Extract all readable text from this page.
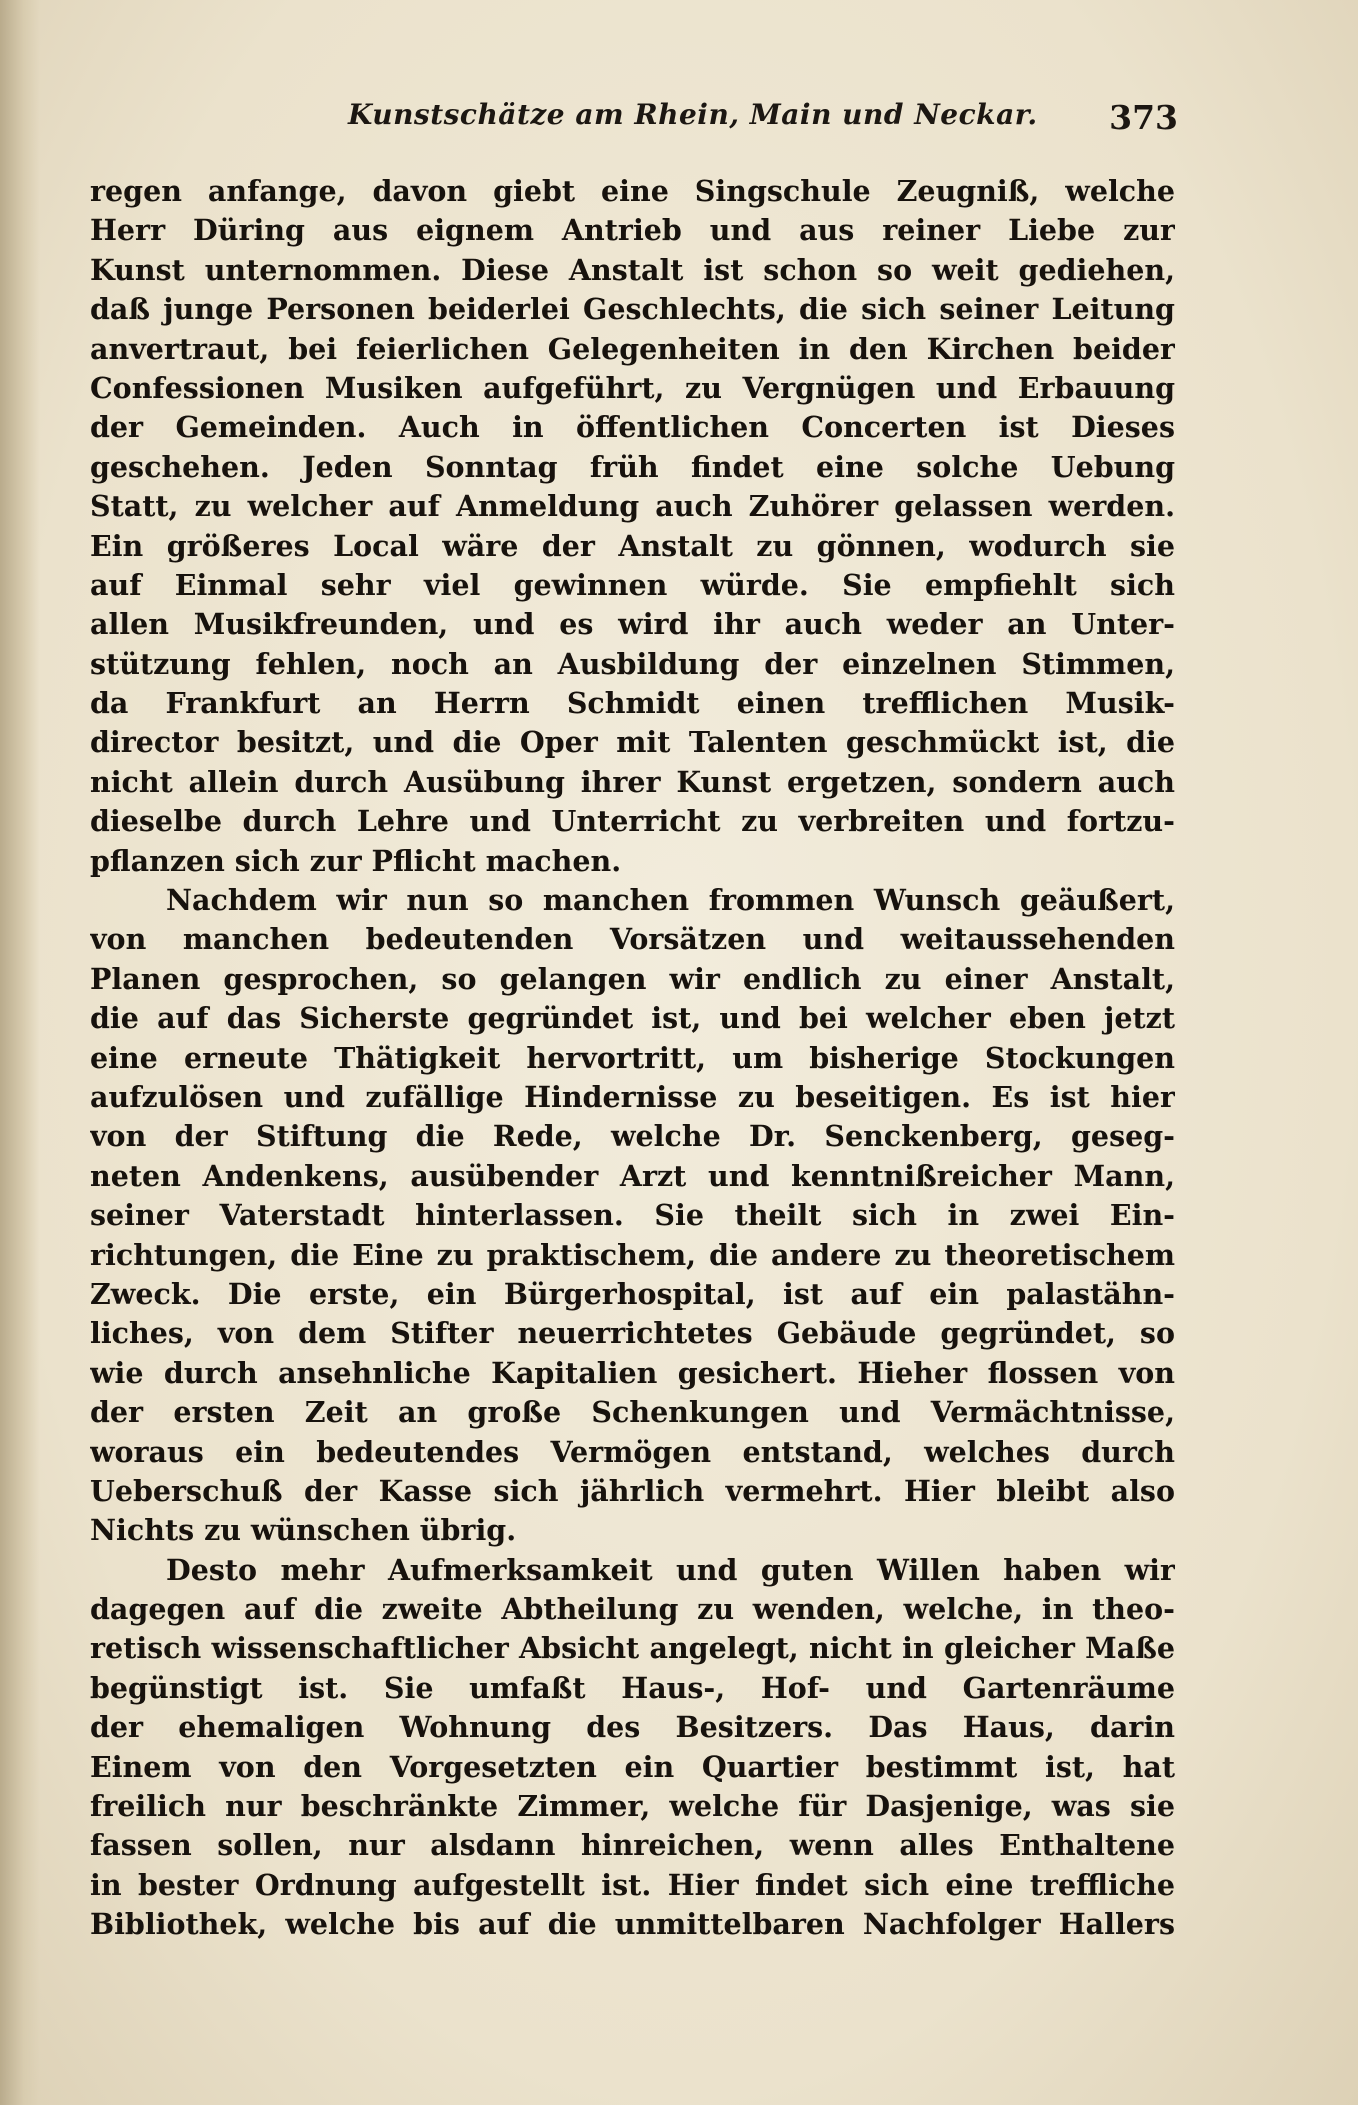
Kunstschätze am Rhein, Main und Neckar. 373
regen anfange, davon giebt eine Singschule Zeugniß, welche
Herr Düring aus eignem Antrieb und aus reiner Liebe zur
Kunst unternommen. Diese Anstalt ist schon so weit gediehen,
daß junge Personen beiderlei Geschlechts, die sich seiner Leitung
anvertraut, bei feierlichen Gelegenheiten in den Kirchen beider
Confessionen Musiken aufgeführt, zu Vergnügen und Erbauung
der Gemeinden. Auch in öffentlichen Concerten ist Dieses
geschehen. Jeden Sonntag früh findet eine solche Uebung
Statt, zu welcher auf Anmeldung auch Zuhörer gelassen werden.
Ein größeres Local wäre der Anstalt zu gönnen, wodurch sie
auf Einmal sehr viel gewinnen würde. Sie empfiehlt sich
allen Musikfreunden, und es wird ihr auch weder an Unter-
stützung fehlen, noch an Ausbildung der einzelnen Stimmen,
da Frankfurt an Herrn Schmidt einen trefflichen Musik-
director besitzt, und die Oper mit Talenten geschmückt ist, die
nicht allein durch Ausübung ihrer Kunst ergetzen, sondern auch
dieselbe durch Lehre und Unterricht zu verbreiten und fortzu-
pflanzen sich zur Pflicht machen.
Nachdem wir nun so manchen frommen Wunsch geäußert,
von manchen bedeutenden Vorsätzen und weitaussehenden
Planen gesprochen, so gelangen wir endlich zu einer Anstalt,
die auf das Sicherste gegründet ist, und bei welcher eben jetzt
eine erneute Thätigkeit hervortritt, um bisherige Stockungen
aufzulösen und zufällige Hindernisse zu beseitigen. Es ist hier
von der Stiftung die Rede, welche Dr. Senckenberg, geseg-
neten Andenkens, ausübender Arzt und kenntnißreicher Mann,
seiner Vaterstadt hinterlassen. Sie theilt sich in zwei Ein-
richtungen, die Eine zu praktischem, die andere zu theoretischem
Zweck. Die erste, ein Bürgerhospital, ist auf ein palastähn-
liches, von dem Stifter neuerrichtetes Gebäude gegründet, so
wie durch ansehnliche Kapitalien gesichert. Hieher flossen von
der ersten Zeit an große Schenkungen und Vermächtnisse,
woraus ein bedeutendes Vermögen entstand, welches durch
Ueberschuß der Kasse sich jährlich vermehrt. Hier bleibt also
Nichts zu wünschen übrig.
Desto mehr Aufmerksamkeit und guten Willen haben wir
dagegen auf die zweite Abtheilung zu wenden, welche, in theo-
retisch wissenschaftlicher Absicht angelegt, nicht in gleicher Maße
begünstigt ist. Sie umfaßt Haus-, Hof- und Gartenräume
der ehemaligen Wohnung des Besitzers. Das Haus, darin
Einem von den Vorgesetzten ein Quartier bestimmt ist, hat
freilich nur beschränkte Zimmer, welche für Dasjenige, was sie
fassen sollen, nur alsdann hinreichen, wenn alles Enthaltene
in bester Ordnung aufgestellt ist. Hier findet sich eine treffliche
Bibliothek, welche bis auf die unmittelbaren Nachfolger Hallers
